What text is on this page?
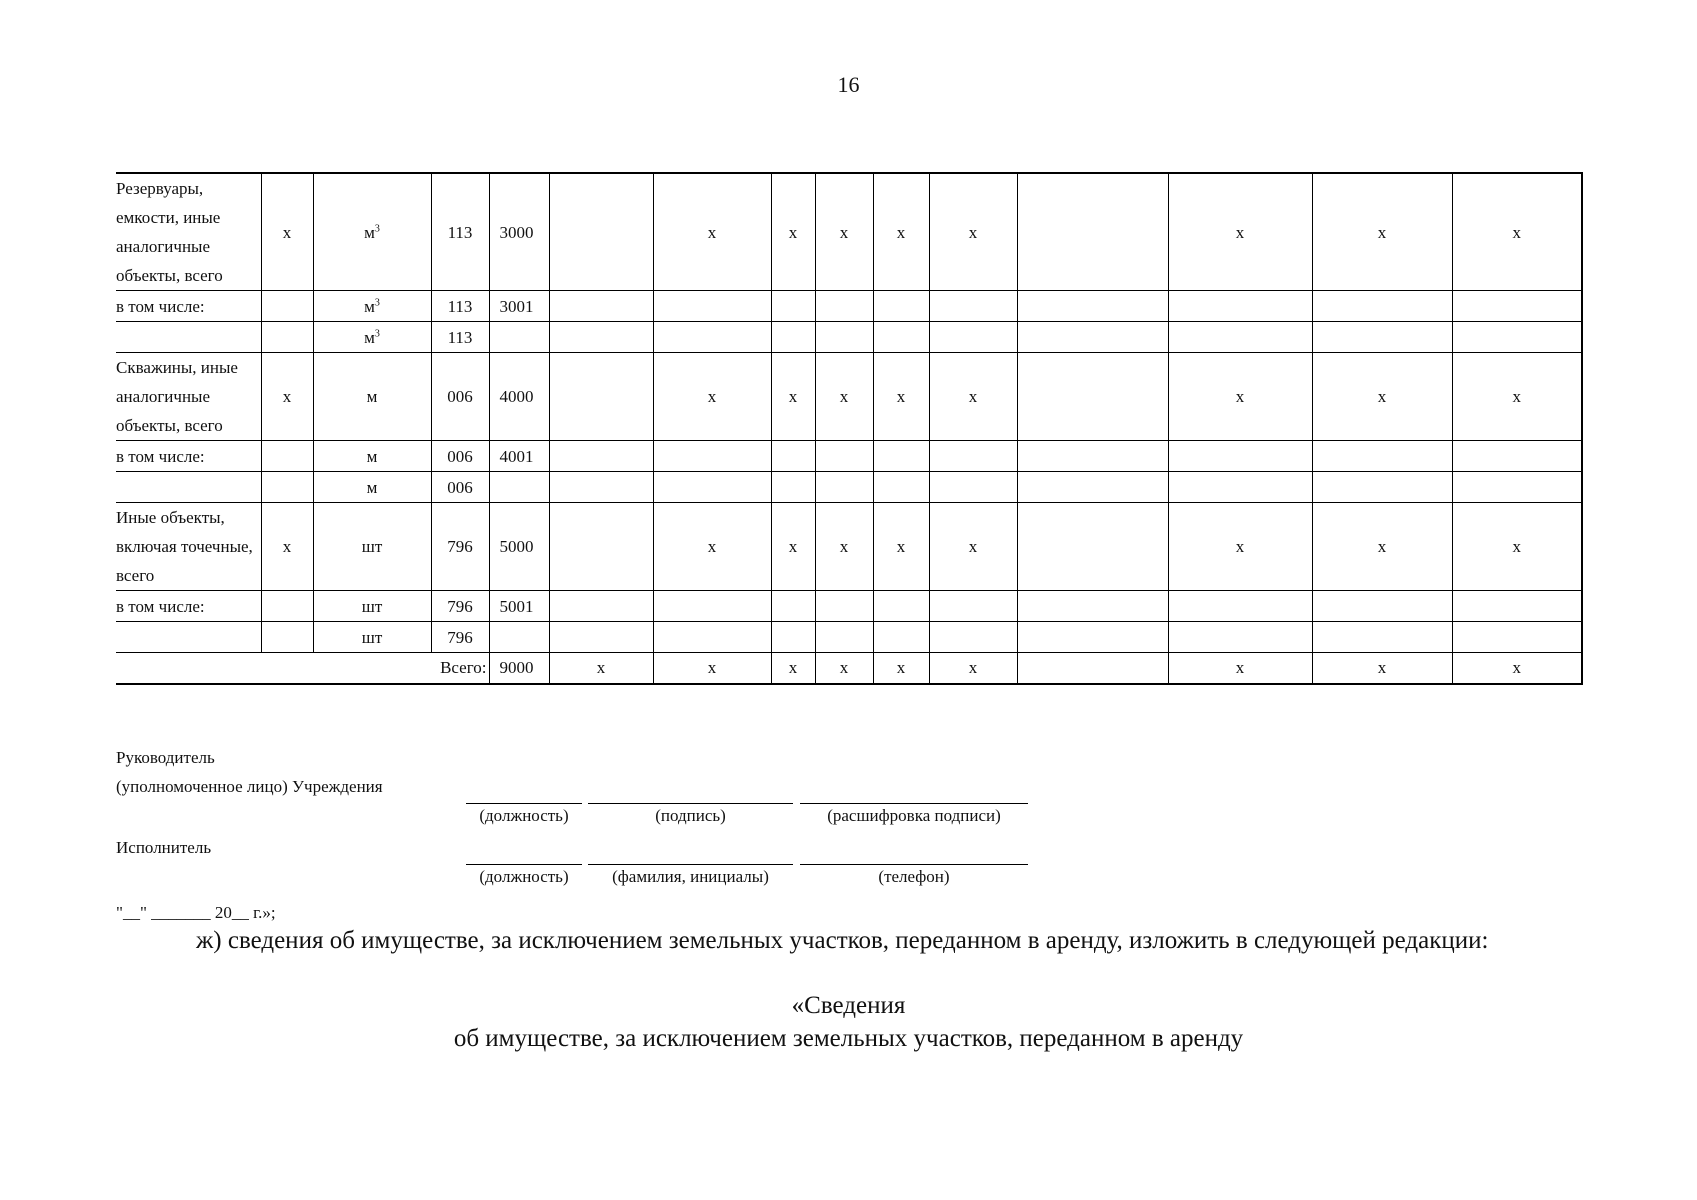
16
Резервуары, емкости, иные аналогичные объекты, всего	х	$м^3$	113	3000		х	х	х	х	х		х	х	х
в том числе:		$м^3$	113	3001										
		$м^3$	113											
Скважины, иные аналогичные объекты, всего	х	м	006	4000		х	х	х	х	х		х	х	х
в том числе:		м	006	4001										
		м	006											
Иные объекты, включая точечные, всего	х	шт	796	5000		х	х	х	х	х		х	х	х
в том числе:		шт	796	5001										
		шт	796											
Всего:				9000	х	х	х	х	х	х		х	х	х
Руководитель
(уполномоченное лицо) Учреждения
(должность)	(подпись)	(расшифровка подписи)
Исполнитель
(должность)	(фамилия, инициалы)	(телефон)
"__" _______ 20__ г.»;
ж) сведения об имуществе, за исключением земельных участков, переданном в аренду, изложить в следующей редакции:
«Сведения
об имуществе, за исключением земельных участков, переданном в аренду
